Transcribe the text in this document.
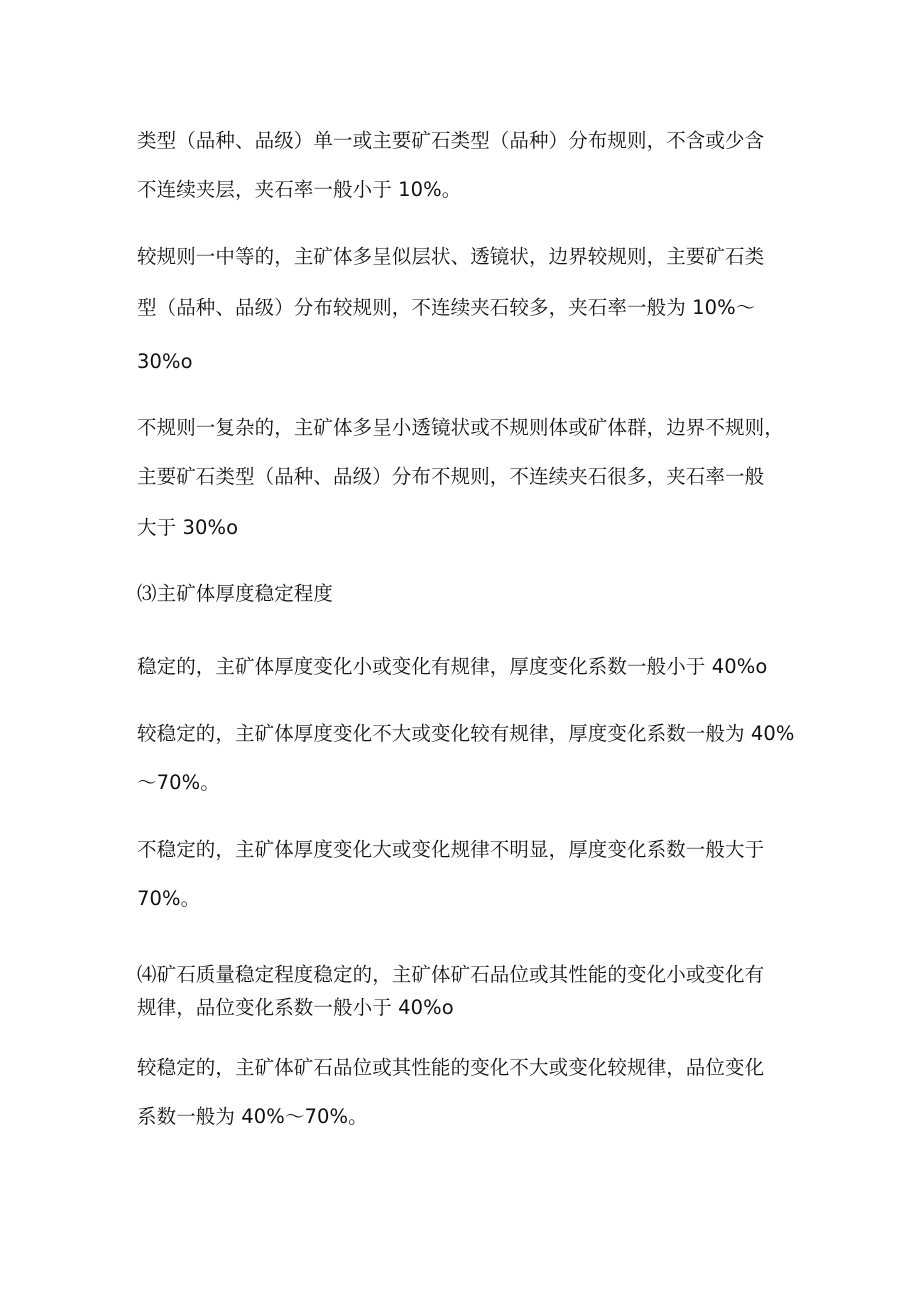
类型（品种、品级）单一或主要矿石类型（品种）分布规则，不含或少含

不连续夹层，夹石率一般小于 10%。

较规则一中等的，主矿体多呈似层状、透镜状，边界较规则，主要矿石类

型（品种、品级）分布较规则，不连续夹石较多，夹石率一般为 10%～

30%o

不规则一复杂的，主矿体多呈小透镜状或不规则体或矿体群，边界不规则，

主要矿石类型（品种、品级）分布不规则，不连续夹石很多，夹石率一般

大于 30%o

⑶主矿体厚度稳定程度

稳定的，主矿体厚度变化小或变化有规律，厚度变化系数一般小于 40%o

较稳定的，主矿体厚度变化不大或变化较有规律，厚度变化系数一般为 40%

～70%。

不稳定的，主矿体厚度变化大或变化规律不明显，厚度变化系数一般大于

70%。

⑷矿石质量稳定程度稳定的，主矿体矿石品位或其性能的变化小或变化有

规律，品位变化系数一般小于 40%o

较稳定的，主矿体矿石品位或其性能的变化不大或变化较规律，品位变化

系数一般为 40%～70%。
